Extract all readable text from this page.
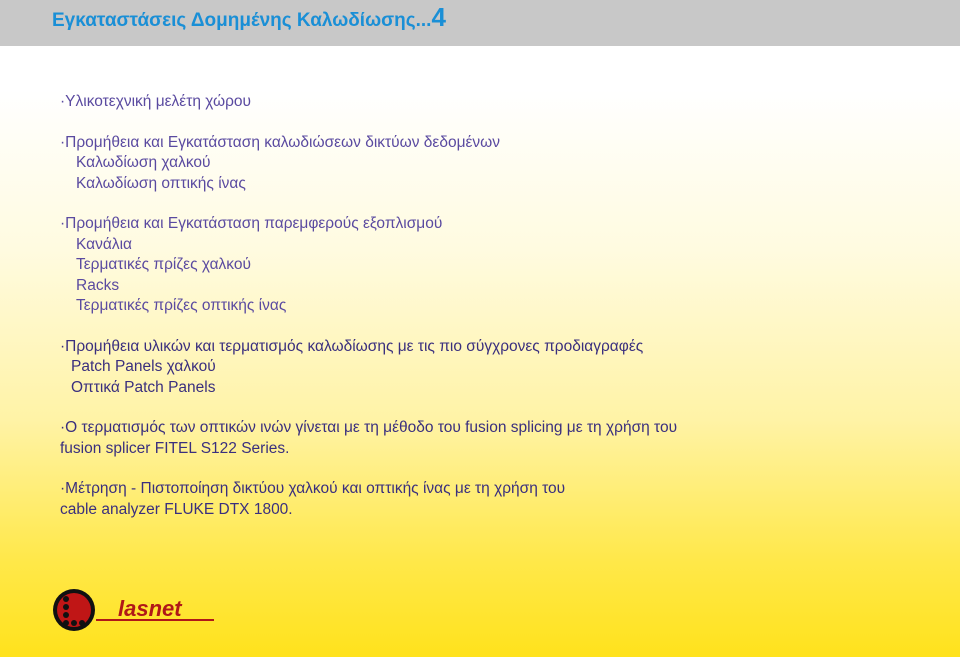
Εγκαταστάσεις Δομημένης Καλωδίωσης...4
·Υλικοτεχνική μελέτη χώρου
·Προμήθεια και Εγκατάσταση καλωδιώσεων δικτύων δεδομένων
Καλωδίωση χαλκού
Καλωδίωση οπτικής ίνας
·Προμήθεια και Εγκατάσταση παρεμφερούς εξοπλισμού
Κανάλια
Τερματικές πρίζες χαλκού
Racks
Τερματικές πρίζες οπτικής ίνας
·Προμήθεια υλικών και τερματισμός καλωδίωσης με τις πιο σύγχρονες προδιαγραφές
Patch Panels χαλκού
Οπτικά Patch Panels
·Ο τερματισμός των οπτικών ινών γίνεται με τη μέθοδο του fusion splicing με τη χρήση του
fusion splicer FITEL S122 Series.
·Μέτρηση - Πιστοποίηση δικτύου χαλκού και οπτικής ίνας με τη χρήση του
cable analyzer FLUKE DTX 1800.
lasnet
